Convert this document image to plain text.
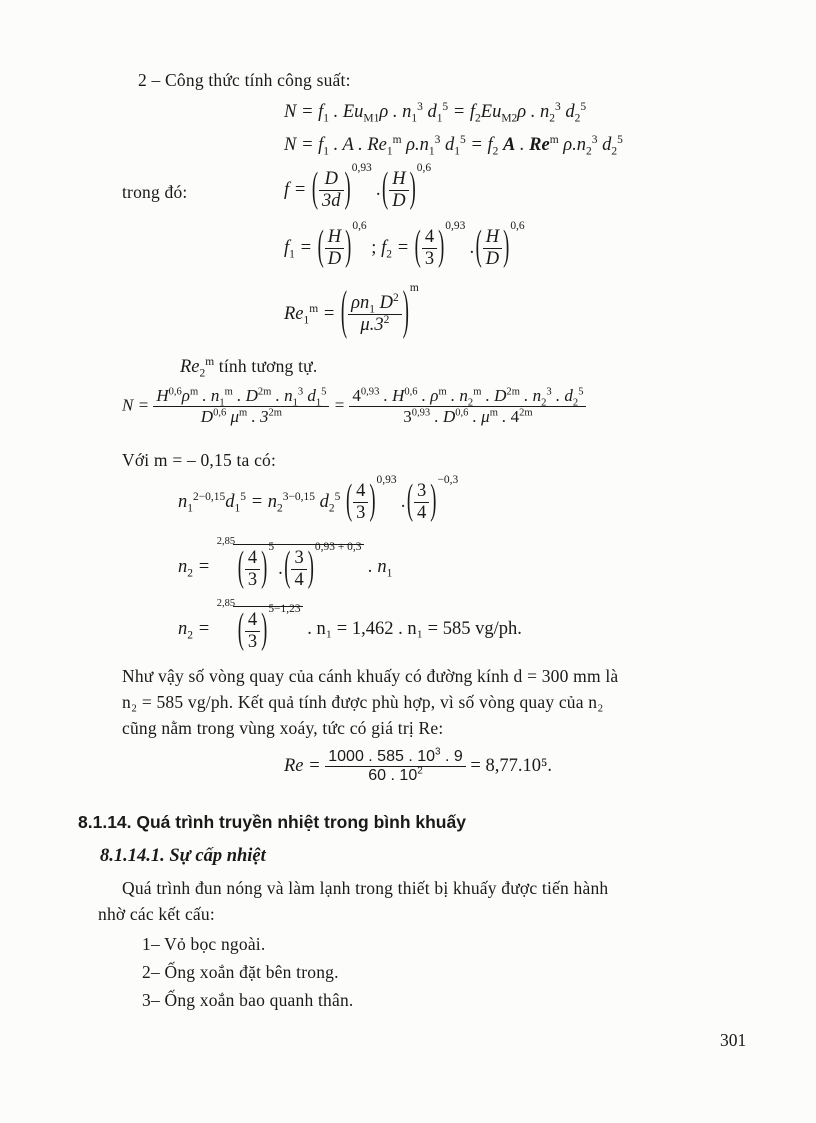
2 – Công thức tính công suất:
$N = f_1$ . $Eu_{M1}\rho$ . $n_1^3$ $d_1^5 = f_2Eu_{M2}\rho$ . $n_2^3$ $d_2^5$
$N = f_1$ . A . $Re_1^m$ $\rho.n_1^3$ $d_1^5 = f_2$ A . Re$^m$ $\rho.n_2^3$ $d_2^5$
trong đó:	f = ( $\frac{D}{3d} )^{0,93}$ .( $\frac{H}{D} )^{0,6}$
$f_1$ = ( $\frac{H}{D} )^{0,6}$ ; $f_2$ = ( $\frac{4}{3} )^{0,93}$ .( $\frac{H}{D} )^{0,6}$
$Re_1^m$ = ( $\frac{\rho n_1 D^2}{\mu.3^2} )^m$
$Re_2^m$ tính tương tự.
$N = \frac{H^{0,6}\rho^m . n_1^m . D^{2m} . n_1^3 d_1^5}{D^{0,6} \mu^m . 3^{2m}} = \frac{4^{0,93} . H^{0,6} . \rho^m . n_2^m . D^{2m} . n_2^3 . d_2^5}{3^{0,93} . D^{0,6} . \mu^m . 4^{2m}}$
Với m = – 0,15 ta có:
$n_1^{2-0,15}d_1^5 = n_2^{3-0,15}$ $d_2^5$ ( $\frac{4}{3} )^{0,93}$ .( $\frac{3}{4} )^{-0,3}$
$n_2$ =
2,85
( $\frac{4}{3} )^5$ .( $\frac{3}{4} )^{0,93 + 0,3}$ . $n_1$
$n_2$ =
2,85
( $\frac{4}{3} )^{5-1,23}$ . n₁ = 1,462 . n₁ = 585 vg/ph.
Như vậy số vòng quay của cánh khuấy có đường kính d = 300 mm là
n₂ = 585 vg/ph. Kết quả tính được phù hợp, vì số vòng quay của n₂
cũng nằm trong vùng xoáy, tức có giá trị Re:
$Re = \frac{1000 . 585 . 10^3 . 9}{60 . 10^2} = 8,77.10^5$.
8.1.14. Quá trình truyền nhiệt trong bình khuấy
8.1.14.1. Sự cấp nhiệt
Quá trình đun nóng và làm lạnh trong thiết bị khuấy được tiến hành
nhờ các kết cấu:
1– Vỏ bọc ngoài.
2– Ống xoắn đặt bên trong.
3– Ống xoắn bao quanh thân.
301
